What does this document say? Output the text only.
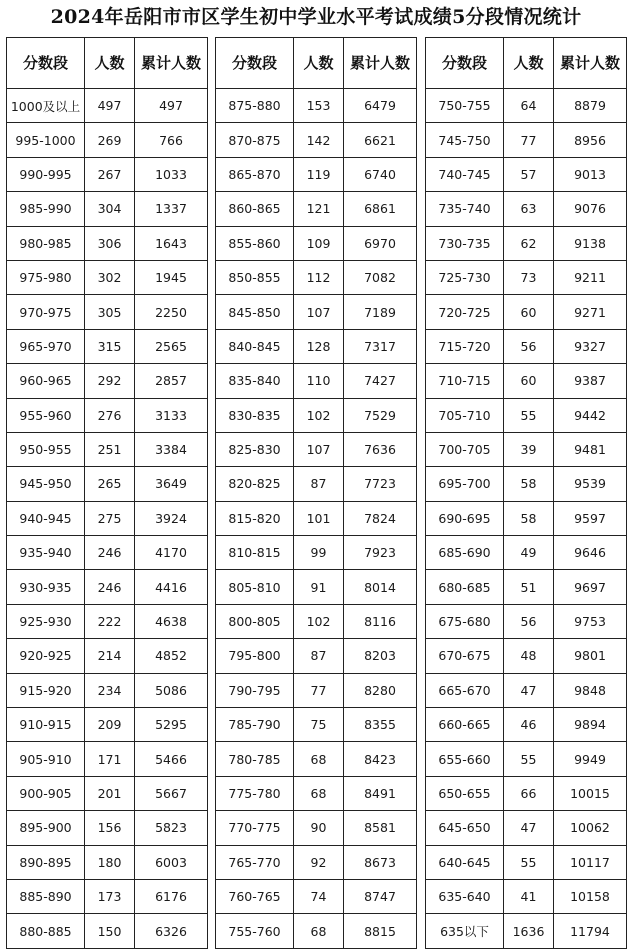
2024年岳阳市市区学生初中学业水平考试成绩5分段情况统计
分数段	人数	累计人数

1000及以上	497	497
995-1000	269	766
990-995	267	1033
985-990	304	1337
980-985	306	1643
975-980	302	1945
970-975	305	2250
965-970	315	2565
960-965	292	2857
955-960	276	3133
950-955	251	3384
945-950	265	3649
940-945	275	3924
935-940	246	4170
930-935	246	4416
925-930	222	4638
920-925	214	4852
915-920	234	5086
910-915	209	5295
905-910	171	5466
900-905	201	5667
895-900	156	5823
890-895	180	6003
885-890	173	6176
880-885	150	6326
分数段	人数	累计人数

875-880	153	6479
870-875	142	6621
865-870	119	6740
860-865	121	6861
855-860	109	6970
850-855	112	7082
845-850	107	7189
840-845	128	7317
835-840	110	7427
830-835	102	7529
825-830	107	7636
820-825	87	7723
815-820	101	7824
810-815	99	7923
805-810	91	8014
800-805	102	8116
795-800	87	8203
790-795	77	8280
785-790	75	8355
780-785	68	8423
775-780	68	8491
770-775	90	8581
765-770	92	8673
760-765	74	8747
755-760	68	8815
分数段	人数	累计人数

750-755	64	8879
745-750	77	8956
740-745	57	9013
735-740	63	9076
730-735	62	9138
725-730	73	9211
720-725	60	9271
715-720	56	9327
710-715	60	9387
705-710	55	9442
700-705	39	9481
695-700	58	9539
690-695	58	9597
685-690	49	9646
680-685	51	9697
675-680	56	9753
670-675	48	9801
665-670	47	9848
660-665	46	9894
655-660	55	9949
650-655	66	10015
645-650	47	10062
640-645	55	10117
635-640	41	10158
635以下	1636	11794
